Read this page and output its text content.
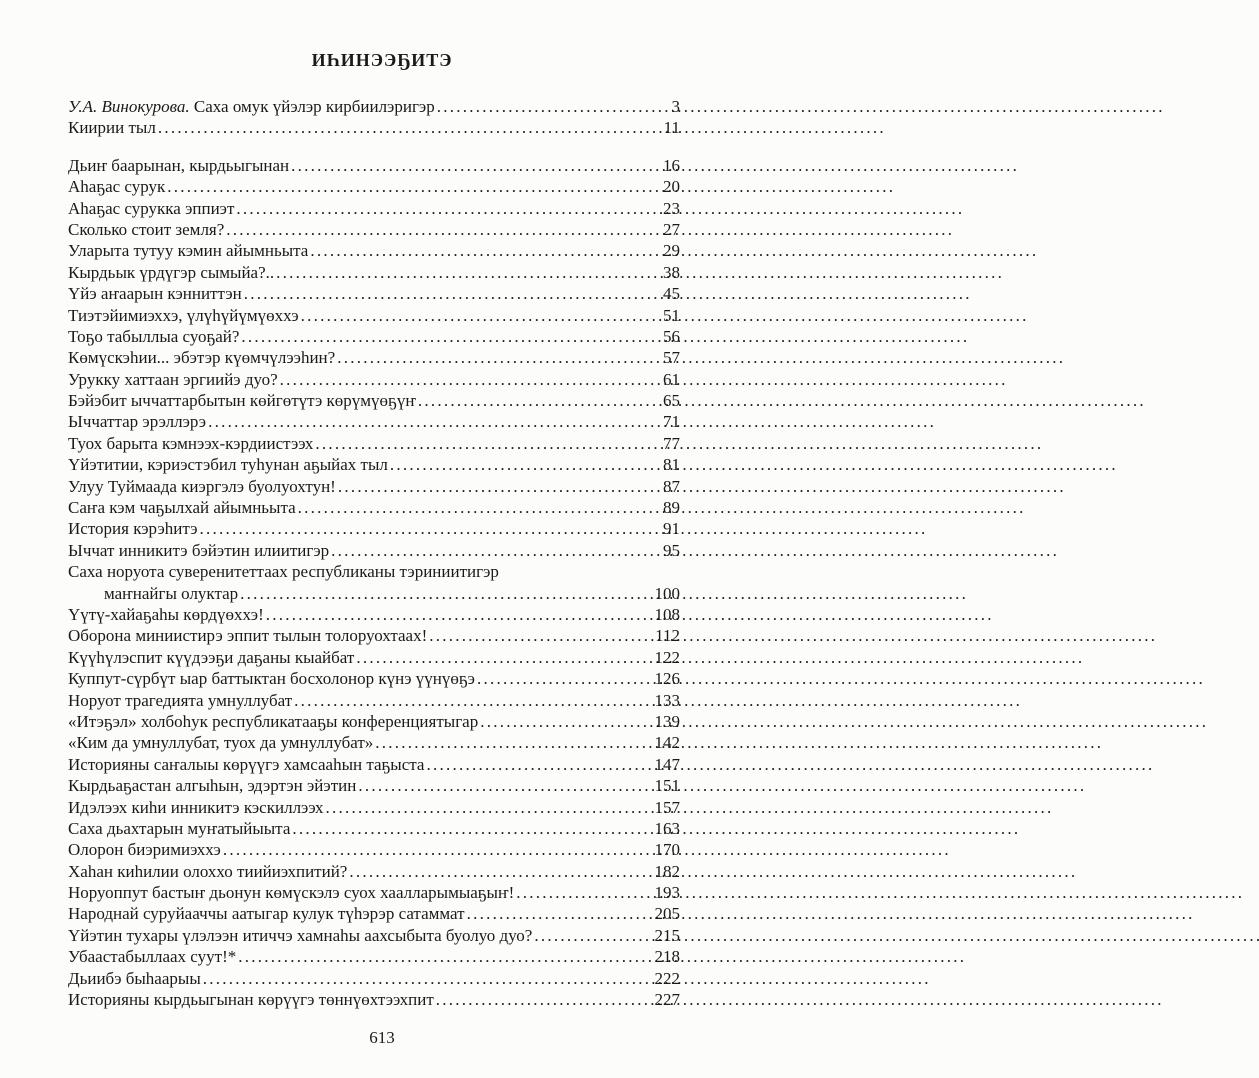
ИҺИНЭЭҔИТЭ
У.А. Винокурова. Саха омук үйэлэр кирбиилэригэр . . .	3
Киирии тыл . . .	11
Дьиҥ баарынан, кырдьыгынан . . .	16
Аһаҕас сурук . . .	20
Аһаҕас сурукка эппиэт . . .	23
Сколько стоит земля? . . .	27
Уларыта тутуу кэмин айымньыта . . .	29
Кырдьык үрдүгэр сымыйа?.. . . .	38
Үйэ аҥаарын кэнниттэн . . .	45
Тиэтэйимиэххэ, үлүһүйүмүөххэ . . .	51
Тоҕо табыллыа суоҕай? . . .	56
Көмүскэһии... эбэтэр күөмчүлээһин? . . .	57
Урукку хаттаан эргиийэ дуо? . . .	61
Бэйэбит ыччаттарбытын көйгөтүтэ көрүмүөҕүҥ . . .	65
Ыччаттар эрэллэрэ . . .	71
Туох барыта кэмнээх-кэрдиистээх . . .	77
Үйэтитии, кэриэстэбил туһунан аҕыйах тыл . . .	81
Улуу Туймаада киэргэлэ буолуохтун! . . .	87
Саҥа кэм чаҕылхай айымньыта . . .	89
История кэрэһитэ . . .	91
Ыччат инникитэ бэйэтин илиитигэр . . .	95
Саха норуота суверенитеттаах республиканы тэриниитигэр
маҥнайгы олуктар . . .	100
Үүтү-хайаҕаһы көрдүөххэ! . . .	108
Оборона миниистирэ эппит тылын толоруохтаах! . . .	112
Күүһүлэспит күүдээҕи даҕаны кыайбат . . .	122
Куппут-сүрбүт ыар баттыктан босхолонор күнэ үүнүөҕэ . . .	126
Норуот трагедията умнуллубат . . .	133
«Итэҕэл» холбоһук республикатааҕы конференциятыгар . . .	139
«Ким да умнуллубат, туох да умнуллубат» . . .	142
Историяны саҥалыы көрүүгэ хамсааһын таҕыста . . .	147
Кырдьаҕастан алгыһын, эдэртэн эйэтин . . .	151
Идэлээх киһи инникитэ кэскиллээх . . .	157
Саха дьахтарын муҥатыйыыта . . .	163
Олорон биэримиэххэ . . .	170
Хаһан киһилии олоххо тиийиэхпитий? . . .	182
Норуоппут бастыҥ дьонун көмүскэлэ суох хаалларымыаҕыҥ! . . .	193
Народнай суруйааччы аатыгар кулук түһэрэр сатаммат . . .	205
Үйэтин тухары үлэлээн итиччэ хамнаһы аахсыбыта буолуо дуо? . . .	215
Убаастабыллаах суут!* . . .	218
Дьиибэ быһаарыы . . .	222
Историяны кырдьыгынан көрүүгэ төннүөхтээхпит . . .	227
613
